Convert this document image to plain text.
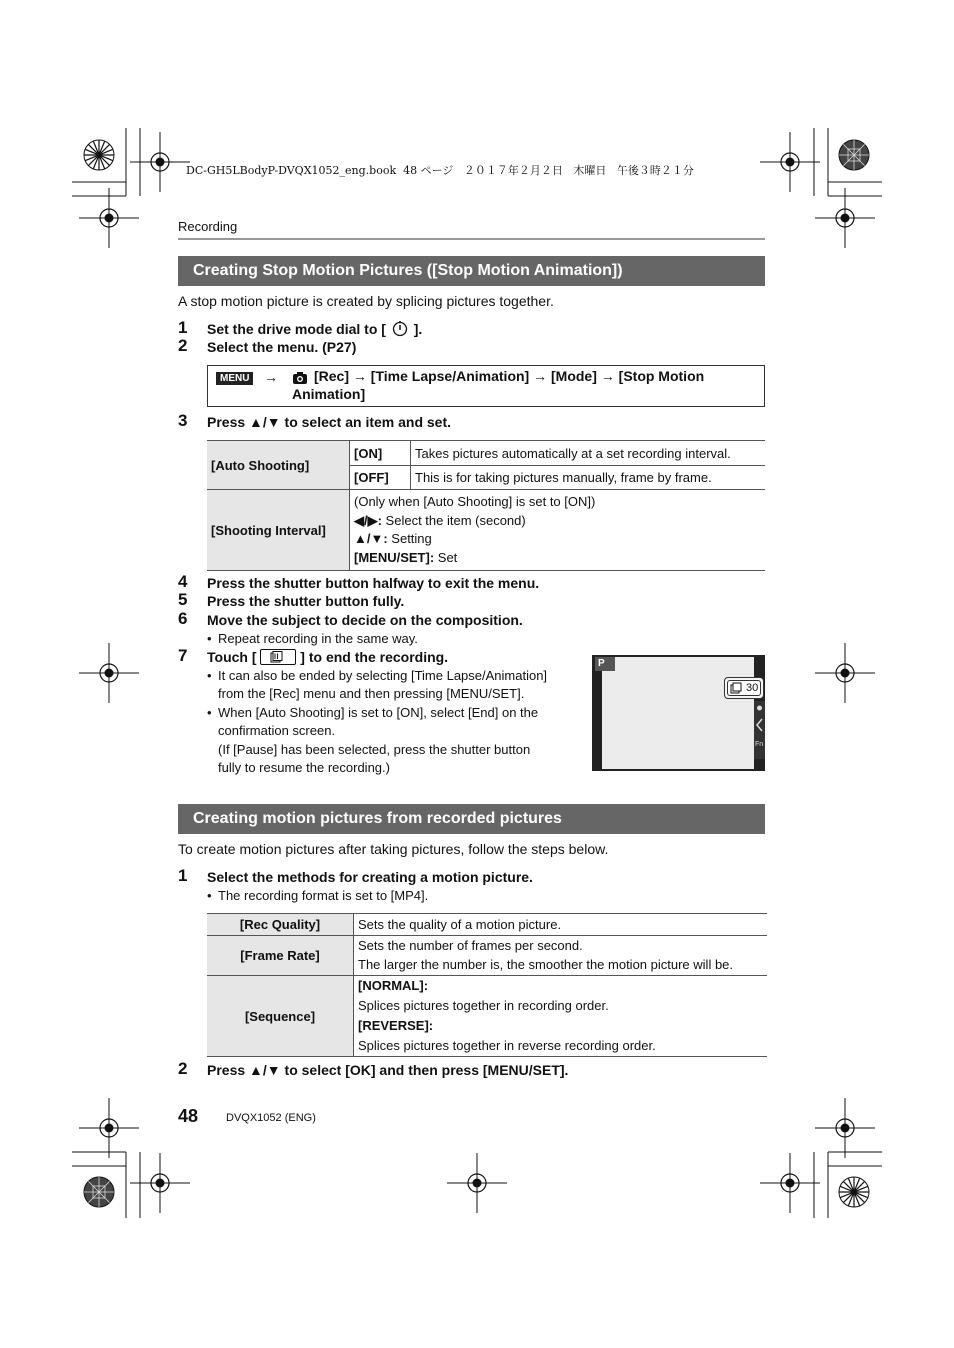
DC-GH5LBodyP-DVQX1052_eng.book  48 ページ   ２０１７年２月２日   木曜日   午後３時２１分
Recording
Creating Stop Motion Pictures ([Stop Motion Animation])
A stop motion picture is created by splicing pictures together.
1 Set the drive mode dial to [ ].
2 Select the menu. (P27)
MENU →	[Rec] → [Time Lapse/Animation] → [Mode] → [Stop Motion
Animation]
3 Press ▲/▼ to select an item and set.
[Auto Shooting]	[ON]	Takes pictures automatically at a set recording interval.
	[OFF]	This is for taking pictures manually, frame by frame.
[Shooting Interval]	(Only when [Auto Shooting] is set to [ON])
◀/▶: Select the item (second)
▲/▼: Setting
[MENU/SET]: Set	
4 Press the shutter button halfway to exit the menu.
5 Press the shutter button fully.
6 Move the subject to decide on the composition.
• Repeat recording in the same way.
7 Touch [	] to end the recording.
• It can also be ended by selecting [Time Lapse/Animation]
from the [Rec] menu and then pressing [MENU/SET].
• When [Auto Shooting] is set to [ON], select [End] on the
confirmation screen.
(If [Pause] has been selected, press the shutter button
fully to resume the recording.)
P
30
Fn
Creating motion pictures from recorded pictures
To create motion pictures after taking pictures, follow the steps below.
1 Select the methods for creating a motion picture.
• The recording format is set to [MP4].
[Rec Quality]	Sets the quality of a motion picture.
[Frame Rate]	Sets the number of frames per second.
The larger the number is, the smoother the motion picture will be.

[Sequence]	[NORMAL]:
Splices pictures together in recording order.
[REVERSE]:
Splices pictures together in reverse recording order.
2 Press ▲/▼ to select [OK] and then press [MENU/SET].
48	DVQX1052 (ENG)
